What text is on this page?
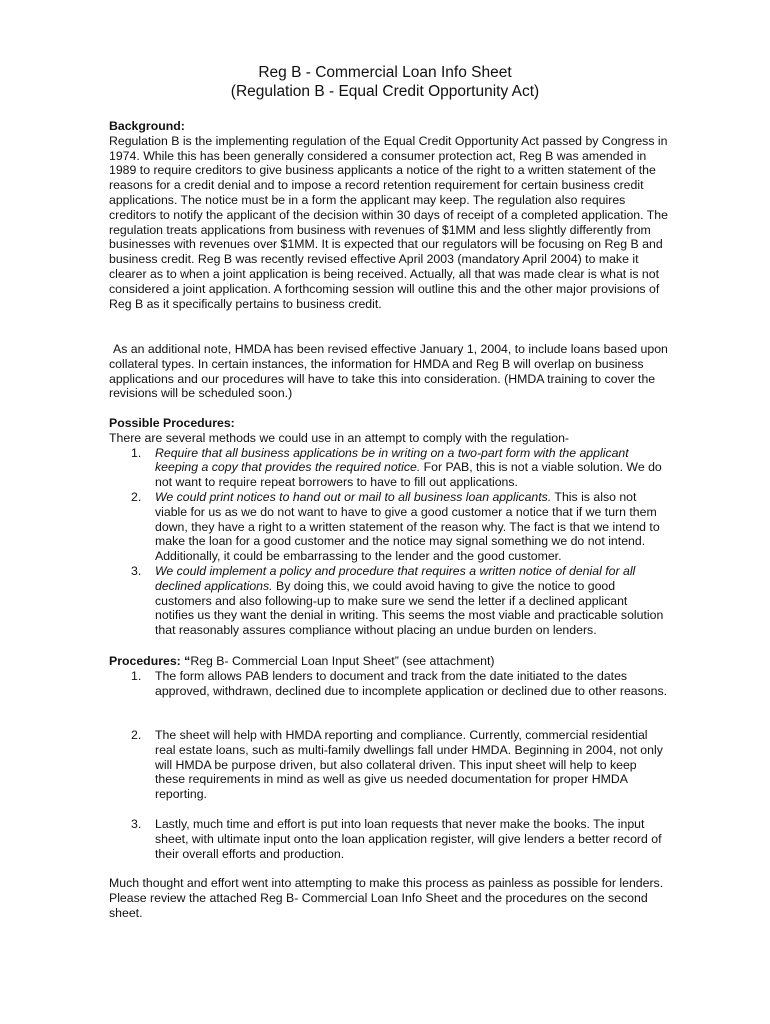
Reg B - Commercial Loan Info Sheet
(Regulation B - Equal Credit Opportunity Act)
Background:

Regulation B is the implementing regulation of the Equal Credit Opportunity Act passed by Congress in 1974. While this has been generally considered a consumer protection act, Reg B was amended in 1989 to require creditors to give business applicants a notice of the right to a written statement of the reasons for a credit denial and to impose a record retention requirement for certain business credit applications. The notice must be in a form the applicant may keep. The regulation also requires creditors to notify the applicant of the decision within 30 days of receipt of a completed application. The regulation treats applications from business with revenues of $1MM and less slightly differently from businesses with revenues over $1MM. It is expected that our regulators will be focusing on Reg B and business credit. Reg B was recently revised effective April 2003 (mandatory April 2004) to make it clearer as to when a joint application is being received. Actually, all that was made clear is what is not considered a joint application. A forthcoming session will outline this and the other major provisions of Reg B as it specifically pertains to business credit.

As an additional note, HMDA has been revised effective January 1, 2004, to include loans based upon collateral types. In certain instances, the information for HMDA and Reg B will overlap on business applications and our procedures will have to take this into consideration. (HMDA training to cover the revisions will be scheduled soon.)

Possible Procedures:
There are several methods we could use in an attempt to comply with the regulation-
1. Require that all business applications be in writing on a two-part form with the applicant keeping a copy that provides the required notice. For PAB, this is not a viable solution. We do not want to require repeat borrowers to have to fill out applications.
2. We could print notices to hand out or mail to all business loan applicants. This is also not viable for us as we do not want to have to give a good customer a notice that if we turn them down, they have a right to a written statement of the reason why. The fact is that we intend to make the loan for a good customer and the notice may signal something we do not intend. Additionally, it could be embarrassing to the lender and the good customer.
3. We could implement a policy and procedure that requires a written notice of denial for all declined applications. By doing this, we could avoid having to give the notice to good customers and also following-up to make sure we send the letter if a declined applicant notifies us they want the denial in writing. This seems the most viable and practicable solution that reasonably assures compliance without placing an undue burden on lenders.
Procedures: “Reg B- Commercial Loan Input Sheet” (see attachment)
1. The form allows PAB lenders to document and track from the date initiated to the dates approved, withdrawn, declined due to incomplete application or declined due to other reasons.
2. The sheet will help with HMDA reporting and compliance. Currently, commercial residential real estate loans, such as multi-family dwellings fall under HMDA. Beginning in 2004, not only will HMDA be purpose driven, but also collateral driven. This input sheet will help to keep these requirements in mind as well as give us needed documentation for proper HMDA reporting.
3. Lastly, much time and effort is put into loan requests that never make the books. The input sheet, with ultimate input onto the loan application register, will give lenders a better record of their overall efforts and production.

Much thought and effort went into attempting to make this process as painless as possible for lenders. Please review the attached Reg B- Commercial Loan Info Sheet and the procedures on the second sheet.
